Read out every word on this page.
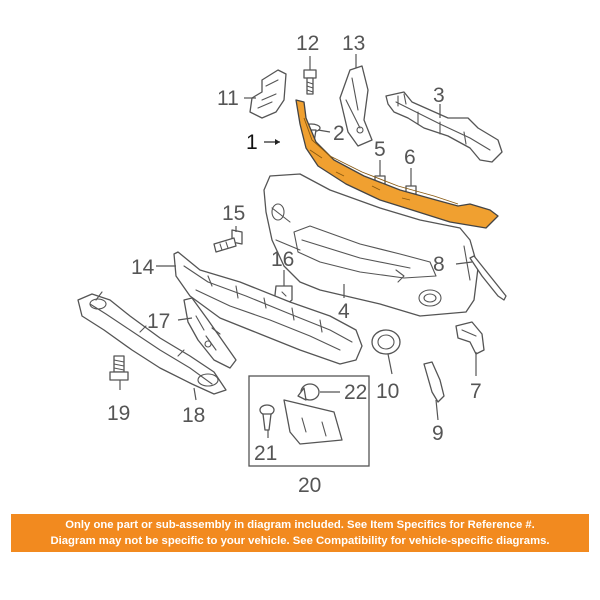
1	2
3
4
5 6
7
8
9
10
11
12 13
14
15
16
17
18
19
20
21
22
Only one part or sub-assembly in diagram included. See Item Specifics for Reference #.
Diagram may not be specific to your vehicle. See Compatibility for vehicle-specific diagrams.
